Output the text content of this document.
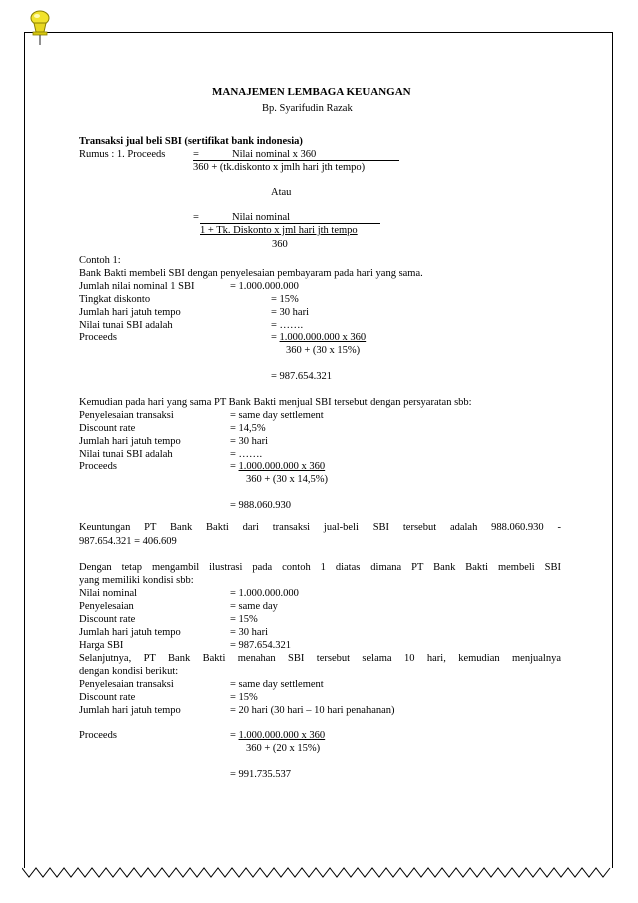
MANAJEMEN LEMBAGA KEUANGAN
Bp. Syarifudin Razak
Transaksi jual beli SBI (sertifikat bank indonesia)
Rumus : 1. Proceeds	=	Nilai nominal x 360
360 + (tk.diskonto x jmlh hari jth tempo)
Atau
=	Nilai nominal
1 + Tk. Diskonto x jml hari jth tempo
360
Contoh 1:
Bank Bakti membeli SBI dengan penyelesaian pembayaram pada hari yang sama.
Jumlah nilai nominal 1 SBI	= 1.000.000.000
Tingkat diskonto	= 15%
Jumlah hari jatuh tempo	= 30 hari
Nilai tunai SBI adalah	= …….
Proceeds	= 1.000.000.000 x 360
360 + (30 x 15%)
= 987.654.321
Kemudian pada hari yang sama PT Bank Bakti menjual SBI tersebut dengan persyaratan sbb:
Penyelesaian transaksi	= same day settlement
Discount rate	= 14,5%
Jumlah hari jatuh tempo	= 30 hari
Nilai tunai SBI adalah	= …….
Proceeds	= 1.000.000.000 x 360
360 + (30 x 14,5%)
= 988.060.930
Keuntungan PT Bank Bakti dari transaksi jual-beli SBI tersebut adalah 988.060.930 -
987.654.321 = 406.609
Dengan tetap mengambil ilustrasi pada contoh 1 diatas dimana PT Bank Bakti membeli SBI
yang memiliki kondisi sbb:
Nilai nominal	= 1.000.000.000
Penyelesaian	= same day
Discount rate	= 15%
Jumlah hari jatuh tempo	= 30 hari
Harga SBI	= 987.654.321
Selanjutnya, PT Bank Bakti menahan SBI tersebut selama 10 hari, kemudian menjualnya
dengan kondisi berikut:
Penyelesaian transaksi	= same day settlement
Discount rate	= 15%
Jumlah hari jatuh tempo	= 20 hari (30 hari – 10 hari penahanan)
Proceeds	= 1.000.000.000 x 360
360 + (20 x 15%)
= 991.735.537
